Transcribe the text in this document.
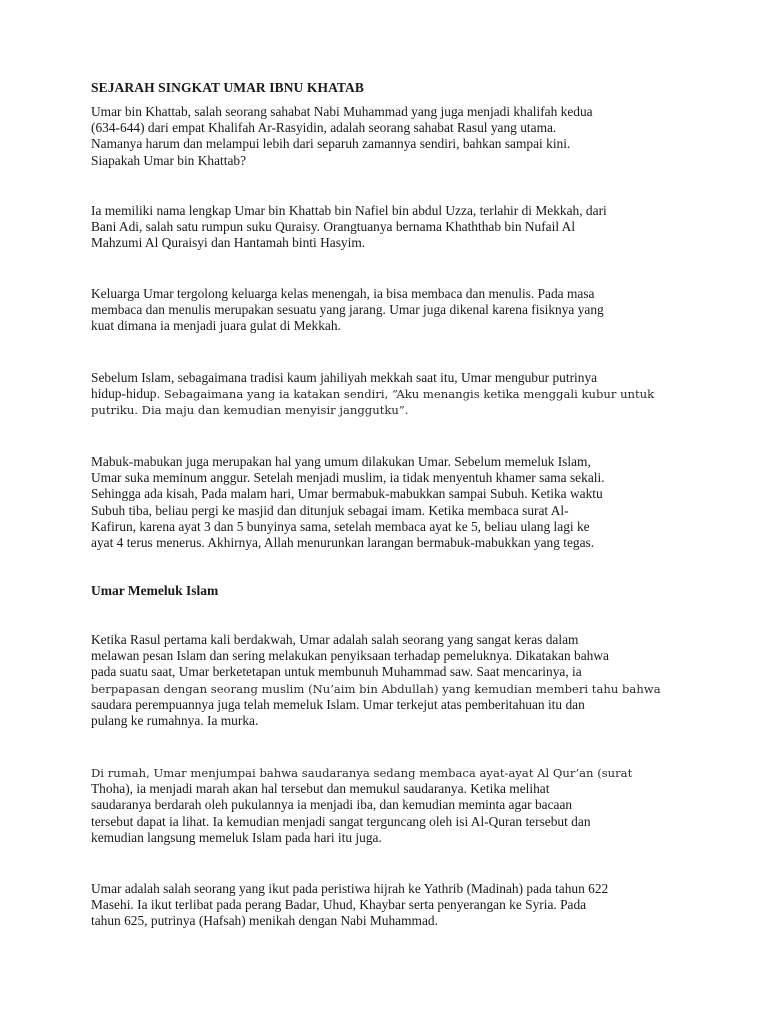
SEJARAH SINGKAT UMAR IBNU KHATAB

Umar bin Khattab, salah seorang sahabat Nabi Muhammad yang juga menjadi khalifah kedua
(634-644) dari empat Khalifah Ar-Rasyidin, adalah seorang sahabat Rasul yang utama.
Namanya harum dan melampui lebih dari separuh zamannya sendiri, bahkan sampai kini.
Siapakah Umar bin Khattab?

Ia memiliki nama lengkap Umar bin Khattab bin Nafiel bin abdul Uzza, terlahir di Mekkah, dari
Bani Adi, salah satu rumpun suku Quraisy. Orangtuanya bernama Khaththab bin Nufail Al
Mahzumi Al Quraisyi dan Hantamah binti Hasyim.

Keluarga Umar tergolong keluarga kelas menengah, ia bisa membaca dan menulis. Pada masa
membaca dan menulis merupakan sesuatu yang jarang. Umar juga dikenal karena fisiknya yang
kuat dimana ia menjadi juara gulat di Mekkah.

Sebelum Islam, sebagaimana tradisi kaum jahiliyah mekkah saat itu, Umar mengubur putrinya
hidup-hidup. Sebagaimana yang ia katakan sendiri, “Aku menangis ketika menggali kubur untuk
putriku. Dia maju dan kemudian menyisir janggutku”.

Mabuk-mabukan juga merupakan hal yang umum dilakukan Umar. Sebelum memeluk Islam,
Umar suka meminum anggur. Setelah menjadi muslim, ia tidak menyentuh khamer sama sekali.
Sehingga ada kisah, Pada malam hari, Umar bermabuk-mabukkan sampai Subuh. Ketika waktu
Subuh tiba, beliau pergi ke masjid dan ditunjuk sebagai imam. Ketika membaca surat Al-
Kafirun, karena ayat 3 dan 5 bunyinya sama, setelah membaca ayat ke 5, beliau ulang lagi ke
ayat 4 terus menerus. Akhirnya, Allah menurunkan larangan bermabuk-mabukkan yang tegas.

Umar Memeluk Islam

Ketika Rasul pertama kali berdakwah, Umar adalah salah seorang yang sangat keras dalam
melawan pesan Islam dan sering melakukan penyiksaan terhadap pemeluknya. Dikatakan bahwa
pada suatu saat, Umar berketetapan untuk membunuh Muhammad saw. Saat mencarinya, ia
berpapasan dengan seorang muslim (Nu’aim bin Abdullah) yang kemudian memberi tahu bahwa
saudara perempuannya juga telah memeluk Islam. Umar terkejut atas pemberitahuan itu dan
pulang ke rumahnya. Ia murka.

Di rumah, Umar menjumpai bahwa saudaranya sedang membaca ayat-ayat Al Qur’an (surat
Thoha), ia menjadi marah akan hal tersebut dan memukul saudaranya. Ketika melihat
saudaranya berdarah oleh pukulannya ia menjadi iba, dan kemudian meminta agar bacaan
tersebut dapat ia lihat. Ia kemudian menjadi sangat terguncang oleh isi Al-Quran tersebut dan
kemudian langsung memeluk Islam pada hari itu juga.

Umar adalah salah seorang yang ikut pada peristiwa hijrah ke Yathrib (Madinah) pada tahun 622
Masehi. Ia ikut terlibat pada perang Badar, Uhud, Khaybar serta penyerangan ke Syria. Pada
tahun 625, putrinya (Hafsah) menikah dengan Nabi Muhammad.
